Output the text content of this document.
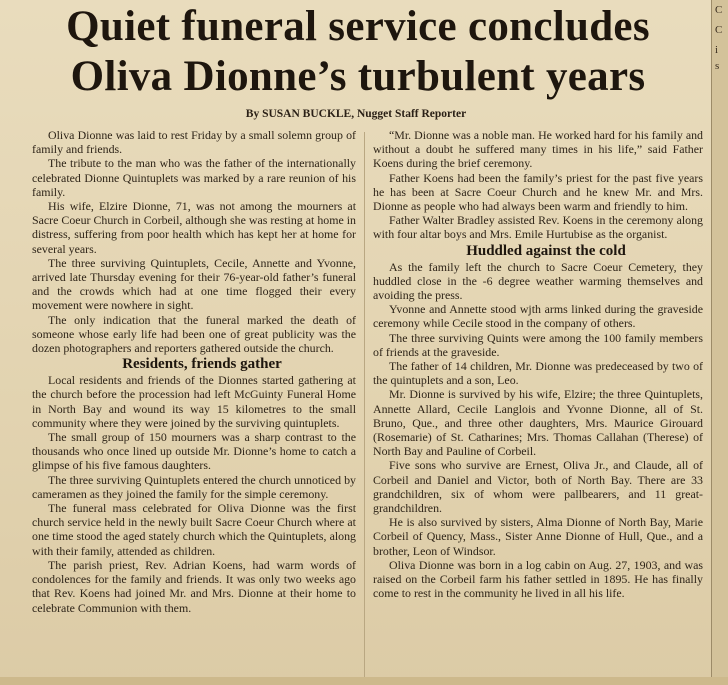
C
C
i
s
Quiet funeral service concludes
Oliva Dionne’s turbulent years
By SUSAN BUCKLE, Nugget Staff Reporter

Oliva Dionne was laid to rest Friday by a small solemn group of family and friends.

The tribute to the man who was the father of the internationally celebrated Dionne Quintuplets was marked by a rare reunion of his family.

His wife, Elzire Dionne, 71, was not among the mourners at Sacre Coeur Church in Corbeil, although she was resting at home in distress, suffering from poor health which has kept her at home for several years.

The three surviving Quintuplets, Cecile, Annette and Yvonne, arrived late Thursday evening for their 76-year-old father’s funeral and the crowds which had at one time flogged their every movement were nowhere in sight.

The only indication that the funeral marked the death of someone whose early life had been one of great publicity was the dozen photographers and reporters gathered outside the church.

Residents, friends gather

Local residents and friends of the Dionnes started gathering at the church before the procession had left McGuinty Funeral Home in North Bay and wound its way 15 kilometres to the small community where they were joined by the surviving quintuplets.

The small group of 150 mourners was a sharp contrast to the thousands who once lined up outside Mr. Dionne’s home to catch a glimpse of his five famous daughters.

The three surviving Quintuplets entered the church unnoticed by cameramen as they joined the family for the simple ceremony.

The funeral mass celebrated for Oliva Dionne was the first church service held in the newly built Sacre Coeur Church where at one time stood the aged stately church which the Quintuplets, along with their family, attended as children.

The parish priest, Rev. Adrian Koens, had warm words of condolences for the family and friends. It was only two weeks ago that Rev. Koens had joined Mr. and Mrs. Dionne at their home to celebrate Communion with them.

“Mr. Dionne was a noble man. He worked hard for his family and without a doubt he suffered many times in his life,” said Father Koens during the brief ceremony.

Father Koens had been the family’s priest for the past five years he has been at Sacre Coeur Church and he knew Mr. and Mrs. Dionne as people who had always been warm and friendly to him.

Father Walter Bradley assisted Rev. Koens in the ceremony along with four altar boys and Mrs. Emile Hurtubise as the organist.

Huddled against the cold

As the family left the church to Sacre Coeur Cemetery, they huddled close in the -6 degree weather warming themselves and avoiding the press.

Yvonne and Annette stood wjth arms linked during the graveside ceremony while Cecile stood in the company of others.

The three surviving Quints were among the 100 family members of friends at the graveside.

The father of 14 children, Mr. Dionne was predeceased by two of the quintuplets and a son, Leo.

Mr. Dionne is survived by his wife, Elzire; the three Quintuplets, Annette Allard, Cecile Langlois and Yvonne Dionne, all of St. Bruno, Que., and three other daughters, Mrs. Maurice Girouard (Rosemarie) of St. Catharines; Mrs. Thomas Callahan (Therese) of North Bay and Pauline of Corbeil.

Five sons who survive are Ernest, Oliva Jr., and Claude, all of Corbeil and Daniel and Victor, both of North Bay. There are 33 grandchildren, six of whom were pallbearers, and 11 great-grandchildren.

He is also survived by sisters, Alma Dionne of North Bay, Marie Corbeil of Quency, Mass., Sister Anne Dionne of Hull, Que., and a brother, Leon of Windsor.

Oliva Dionne was born in a log cabin on Aug. 27, 1903, and was raised on the Corbeil farm his father settled in 1895. He has finally come to rest in the community he lived in all his life.
